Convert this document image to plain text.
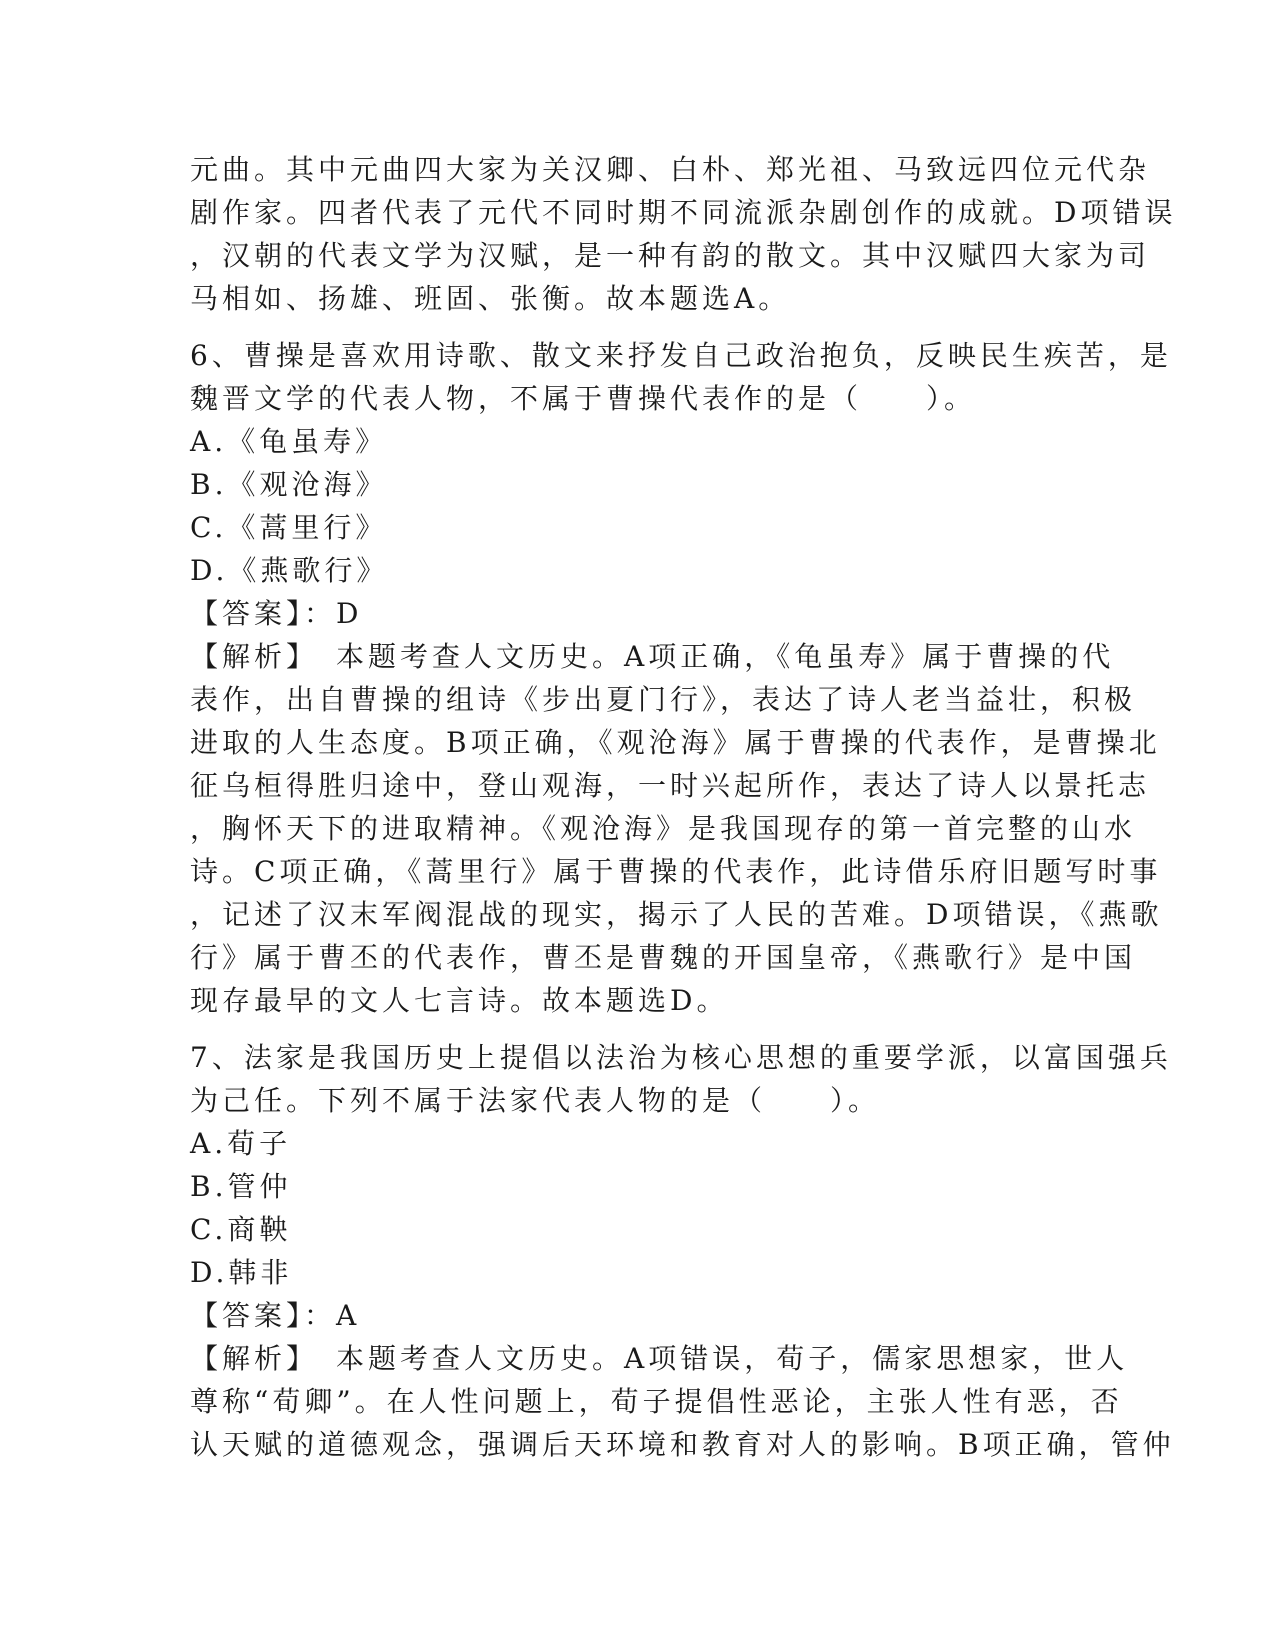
元曲。其中元曲四大家为关汉卿、白朴、郑光祖、马致远四位元代杂
剧作家。四者代表了元代不同时期不同流派杂剧创作的成就。D项错误
，汉朝的代表文学为汉赋，是一种有韵的散文。其中汉赋四大家为司
马相如、扬雄、班固、张衡。故本题选A。
6、曹操是喜欢用诗歌、散文来抒发自己政治抱负，反映民生疾苦，是
魏晋文学的代表人物，不属于曹操代表作的是（　　）。
A.《龟虽寿》
B.《观沧海》
C.《蒿里行》
D.《燕歌行》
【答案】：D
【解析】　本题考查人文历史。A项正确，《龟虽寿》属于曹操的代
表作，出自曹操的组诗《步出夏门行》，表达了诗人老当益壮，积极
进取的人生态度。B项正确，《观沧海》属于曹操的代表作，是曹操北
征乌桓得胜归途中，登山观海，一时兴起所作，表达了诗人以景托志
，胸怀天下的进取精神。《观沧海》是我国现存的第一首完整的山水
诗。C项正确，《蒿里行》属于曹操的代表作，此诗借乐府旧题写时事
，记述了汉末军阀混战的现实，揭示了人民的苦难。D项错误，《燕歌
行》属于曹丕的代表作，曹丕是曹魏的开国皇帝，《燕歌行》是中国
现存最早的文人七言诗。故本题选D。
7、法家是我国历史上提倡以法治为核心思想的重要学派，以富国强兵
为己任。下列不属于法家代表人物的是（　　）。
A.荀子
B.管仲
C.商鞅
D.韩非
【答案】：A
【解析】　本题考查人文历史。A项错误，荀子，儒家思想家，世人
尊称“荀卿”。在人性问题上，荀子提倡性恶论，主张人性有恶，否
认天赋的道德观念，强调后天环境和教育对人的影响。B项正确，管仲
